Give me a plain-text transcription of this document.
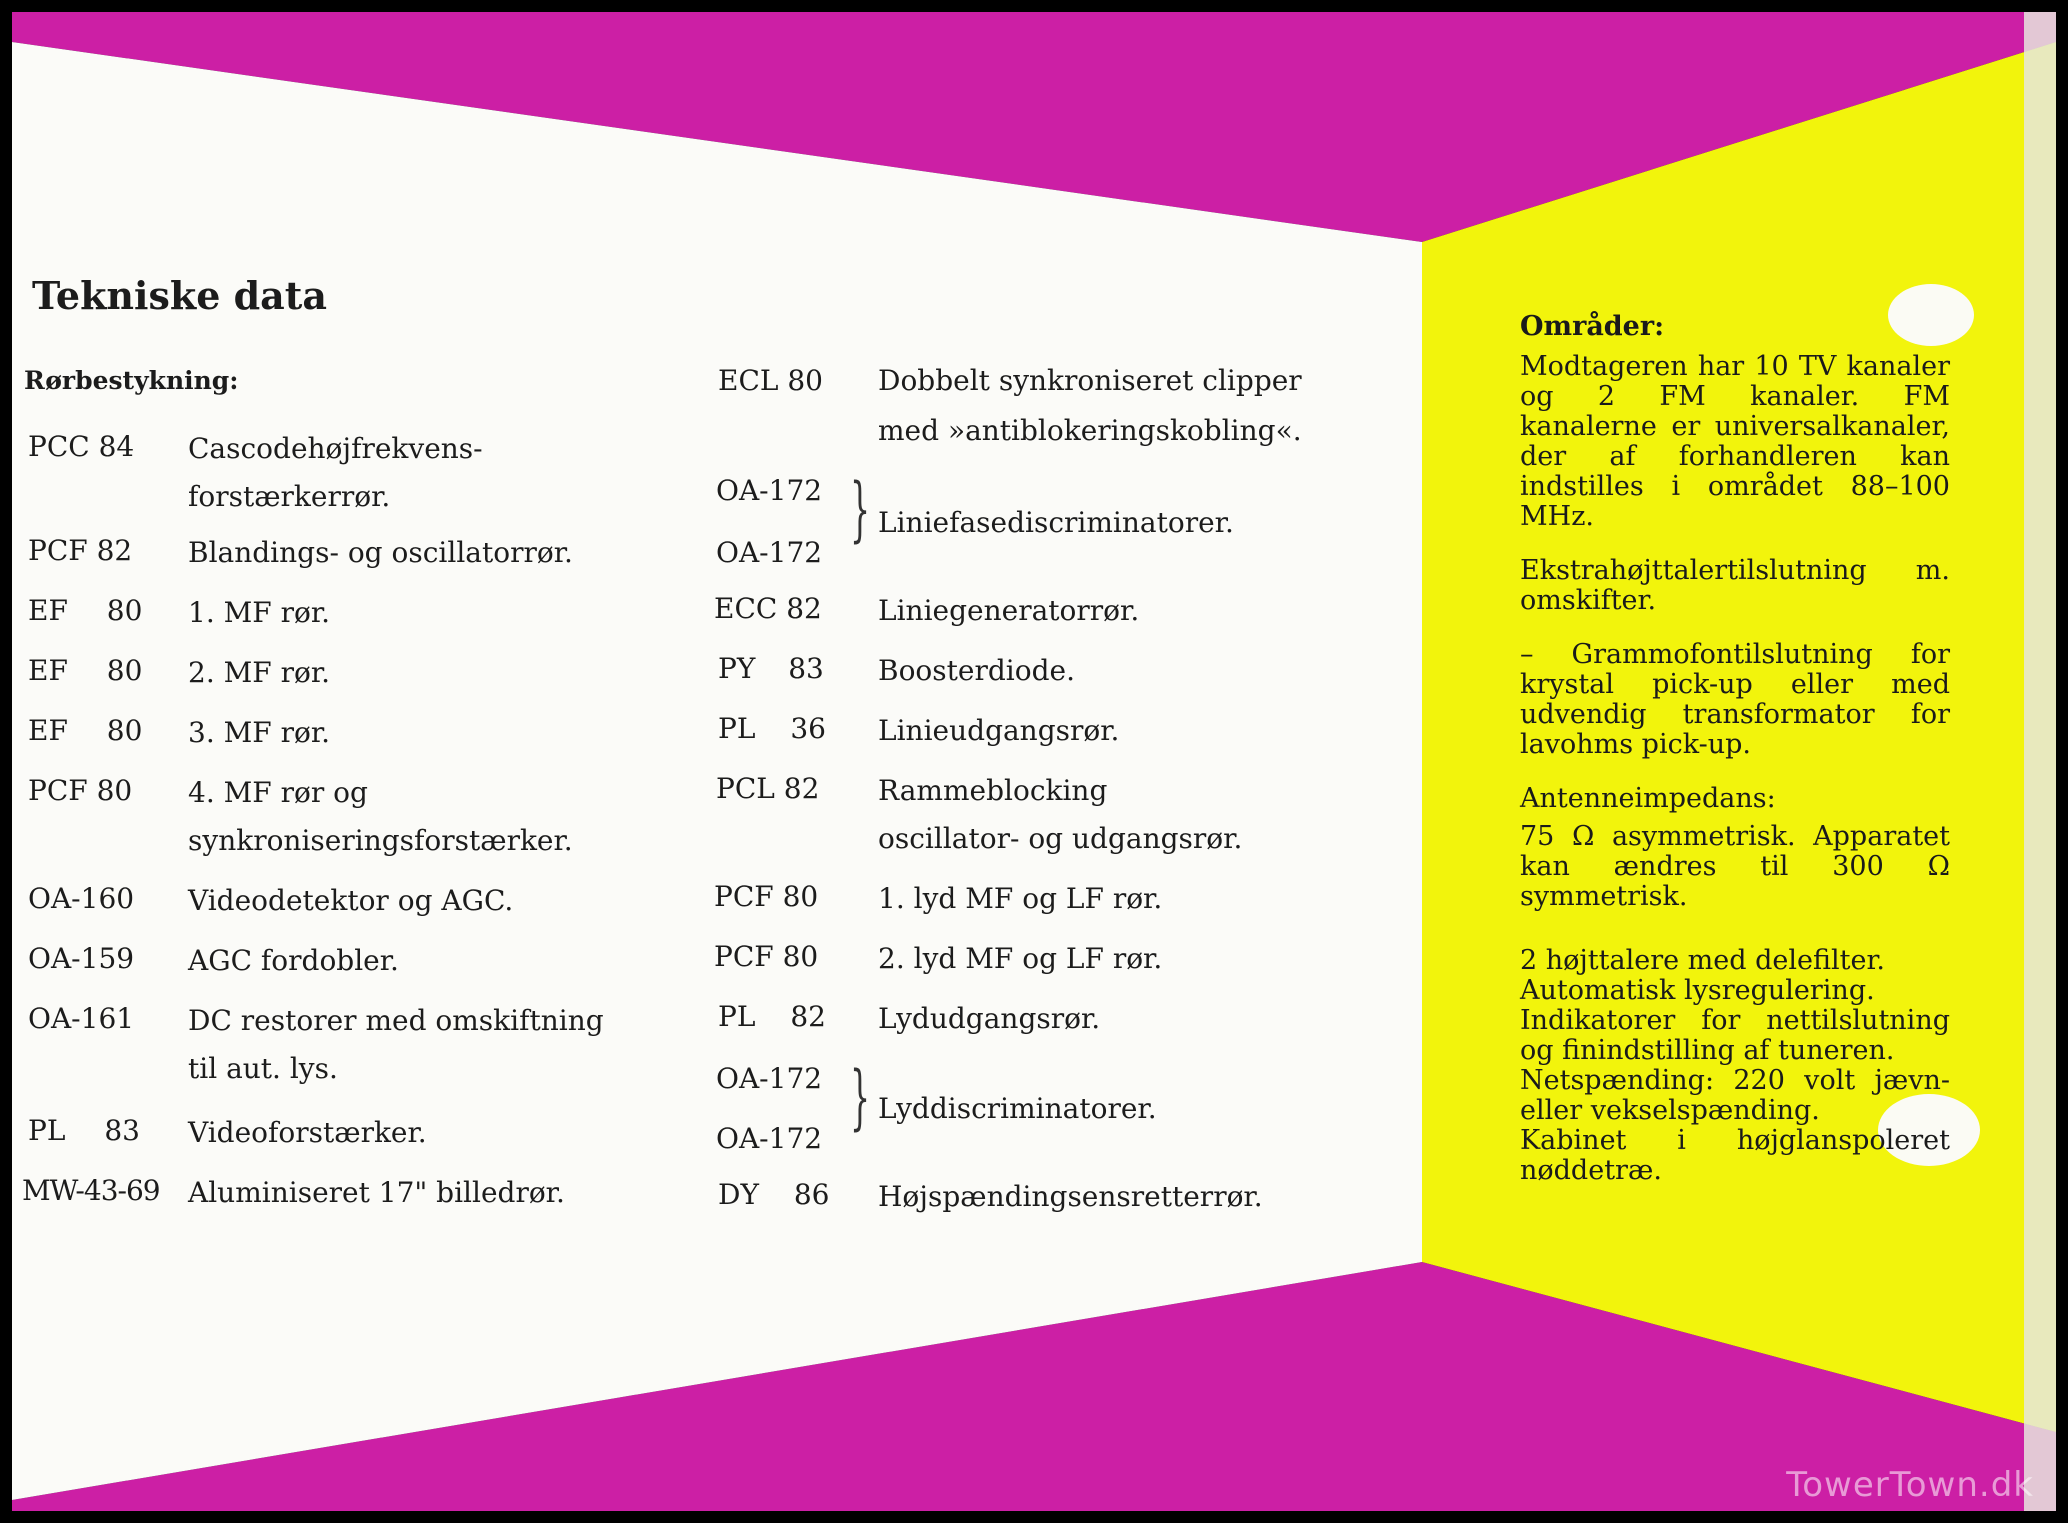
Tekniske data
Rørbestykning:
PCC 84 Cascodehøjfrekvens-
forstærkerrør.
PCF 82 Blandings- og oscillatorrør.
EF 80 1. MF rør.
EF 80 2. MF rør.
EF 80 3. MF rør.
PCF 80 4. MF rør og
synkroniseringsforstærker.
OA-160 Videodetektor og AGC.
OA-159 AGC fordobler.
OA-161 DC restorer med omskiftning
til aut. lys.
PL 83 Videoforstærker.
MW-43-69 Aluminiseret 17" billedrør.
ECL 80 Dobbelt synkroniseret clipper
med »antiblokeringskobling«.
OA-172
OA-172
} Liniefasediscriminatorer.
ECC 82 Liniegeneratorrør.
PY 83 Boosterdiode.
PL 36 Linieudgangsrør.
PCL 82 Rammeblocking
oscillator- og udgangsrør.
PCF 80 1. lyd MF og LF rør.
PCF 80 2. lyd MF og LF rør.
PL 82 Lydudgangsrør.
OA-172
OA-172
} Lyddiscriminatorer.
DY 86 Højspændingsensretterrør.

Områder:

Modtageren har 10 TV kanaler og 2 FM kanaler. FM kanalerne er universalkanaler, der af forhandleren kan indstilles i området 88–100 MHz.

Ekstrahøjttalertilslutning m. omskifter.

– Grammofontilslutning for krystal pick-up eller med udvendig transformator for lavohms pick-up.

Antenneimpedans:

75 Ω asymmetrisk. Apparatet kan ændres til 300 Ω symmetrisk.

2 højttalere med delefilter.

Automatisk lysregulering.

Indikatorer for nettilslutning og finindstilling af tuneren.

Netspænding: 220 volt jævn- eller vekselspænding.

Kabinet i højglanspoleret nøddetræ.

TowerTown.dk
